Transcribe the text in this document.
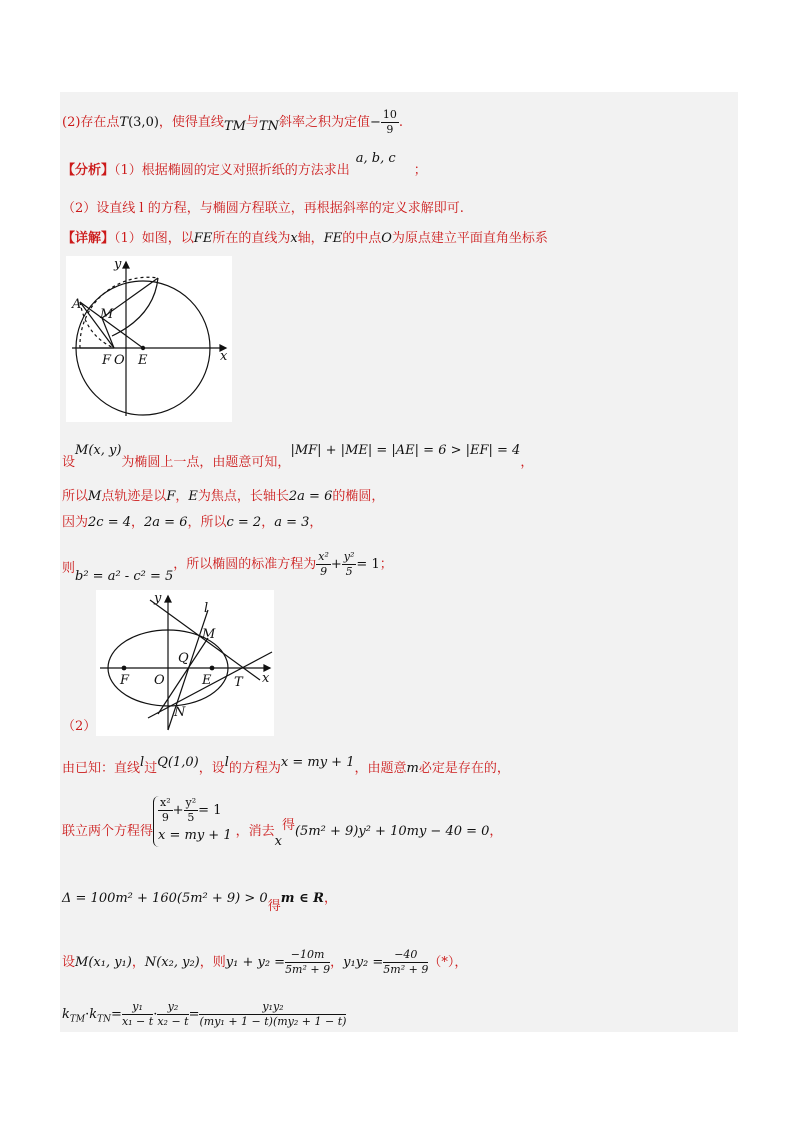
(2)存在点T(3,0)，使得直线TM与TN斜率之积为定值− $\frac{10}{9}$ .
【分析】（1）根据椭圆的定义对照折纸的方法求出a, b, c；
（2）设直线 l 的方程，与椭圆方程联立，再根据斜率的定义求解即可.
【详解】（1）如图，以FE所在的直线为x轴，FE的中点O为原点建立平面直角坐标系
y
x
A
M
F O E
设M(x, y)为椭圆上一点，由题意可知，|MF| + |ME| = |AE| = 6 > |EF| = 4，
所以M点轨迹是以F，E为焦点，长轴长2a = 6的椭圆，
因为2c = 4，2a = 6，所以c = 2，a = 3，
则b² = a² - c² = 5，所以椭圆的标准方程为 $\frac{\text{x²}}{9} + \frac{\text{y²}}{5} = 1$；
y
l
M
Q
F O	E T x
N
（2）
由已知：直线l过Q(1,0)，设l的方程为x = my + 1，由题意m必定是存在的，
联立两个方程得
$\frac{\text{x²}}{9} + \frac{\text{y²}}{5} = 1$
x = my + 1 ，消去x得(5m² + 9)y² + 10my − 40 = 0，
Δ = 100m² + 160(5m² + 9) > 0得m ∈ R，
设M(x₁, y₁)，N(x₂, y₂)，则$y_1 + y_2 = \frac{-10m}{\text{5m² + 9}}$ ，$y_1y_2 = \frac{-40}{\text{5m² + 9}}$ （*），
$k_{TM}\cdot k_{TN}= \frac{\text{y₁}}{\text{x₁ − t}} \cdot \frac{\text{y₂}}{\text{x₂ − t}} = \frac{\text{y₁y₂}}{\text{(my₁ + 1 − t)(my₂ + 1 − t)}}$
